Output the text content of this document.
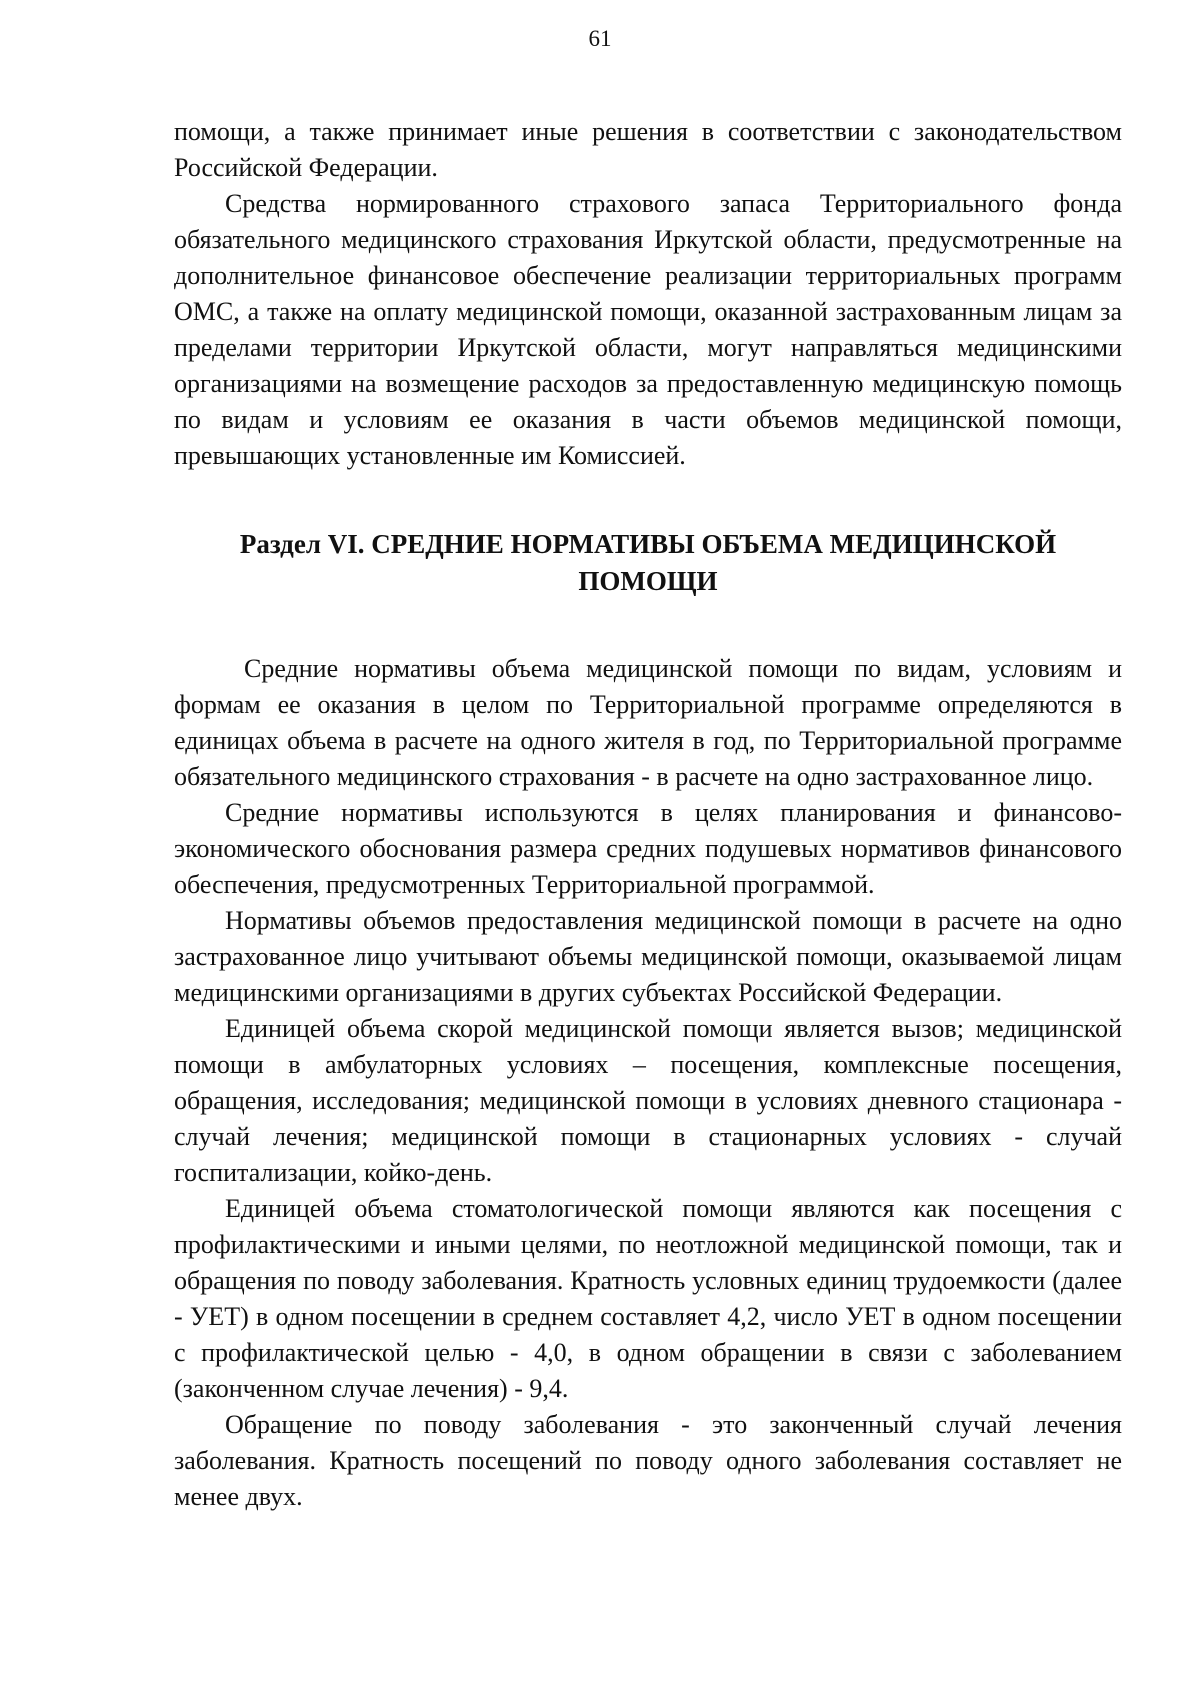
61

помощи, а также принимает иные решения в соответствии с законодательством Российской Федерации.

Средства нормированного страхового запаса Территориального фонда обязательного медицинского страхования Иркутской области, предусмотренные на дополнительное финансовое обеспечение реализации территориальных программ ОМС, а также на оплату медицинской помощи, оказанной застрахованным лицам за пределами территории Иркутской области, могут направляться медицинскими организациями на возмещение расходов за предоставленную медицинскую помощь по видам и условиям ее оказания в части объемов медицинской помощи, превышающих установленные им Комиссией.

Раздел VI. СРЕДНИЕ НОРМАТИВЫ ОБЪЕМА МЕДИЦИНСКОЙ
ПОМОЩИ

Средние нормативы объема медицинской помощи по видам, условиям и формам ее оказания в целом по Территориальной программе определяются в единицах объема в расчете на одного жителя в год, по Территориальной программе обязательного медицинского страхования - в расчете на одно застрахованное лицо.

Средние нормативы используются в целях планирования и финансово-экономического обоснования размера средних подушевых нормативов финансового обеспечения, предусмотренных Территориальной программой.

Нормативы объемов предоставления медицинской помощи в расчете на одно застрахованное лицо учитывают объемы медицинской помощи, оказываемой лицам медицинскими организациями в других субъектах Российской Федерации.

Единицей объема скорой медицинской помощи является вызов; медицинской помощи в амбулаторных условиях – посещения, комплексные посещения, обращения, исследования; медицинской помощи в условиях дневного стационара - случай лечения; медицинской помощи в стационарных условиях - случай госпитализации, койко-день.

Единицей объема стоматологической помощи являются как посещения с профилактическими и иными целями, по неотложной медицинской помощи, так и обращения по поводу заболевания. Кратность условных единиц трудоемкости (далее - УЕТ) в одном посещении в среднем составляет 4,2, число УЕТ в одном посещении с профилактической целью - 4,0, в одном обращении в связи с заболеванием (законченном случае лечения) - 9,4.

Обращение по поводу заболевания - это законченный случай лечения заболевания. Кратность посещений по поводу одного заболевания составляет не менее двух.
